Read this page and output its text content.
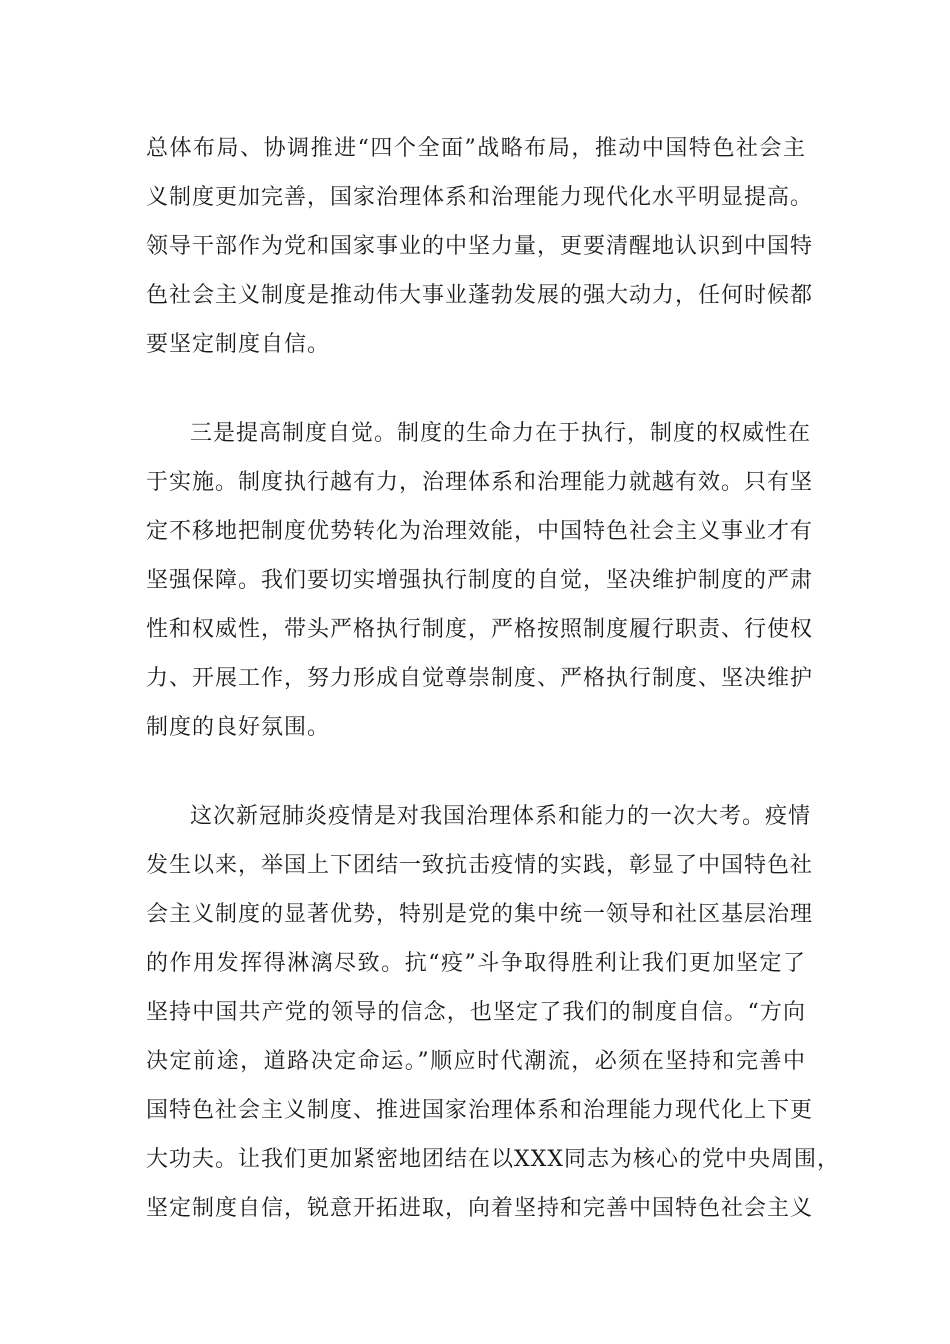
总体布局、协调推进“四个全面”战略布局，推动中国特色社会主
义制度更加完善，国家治理体系和治理能力现代化水平明显提高。
领导干部作为党和国家事业的中坚力量，更要清醒地认识到中国特
色社会主义制度是推动伟大事业蓬勃发展的强大动力，任何时候都
要坚定制度自信。
三是提高制度自觉。制度的生命力在于执行，制度的权威性在
于实施。制度执行越有力，治理体系和治理能力就越有效。只有坚
定不移地把制度优势转化为治理效能，中国特色社会主义事业才有
坚强保障。我们要切实增强执行制度的自觉，坚决维护制度的严肃
性和权威性，带头严格执行制度，严格按照制度履行职责、行使权
力、开展工作，努力形成自觉尊崇制度、严格执行制度、坚决维护
制度的良好氛围。
这次新冠肺炎疫情是对我国治理体系和能力的一次大考。疫情
发生以来，举国上下团结一致抗击疫情的实践，彰显了中国特色社
会主义制度的显著优势，特别是党的集中统一领导和社区基层治理
的作用发挥得淋漓尽致。抗“疫”斗争取得胜利让我们更加坚定了
坚持中国共产党的领导的信念，也坚定了我们的制度自信。“方向
决定前途，道路决定命运。”顺应时代潮流，必须在坚持和完善中
国特色社会主义制度、推进国家治理体系和治理能力现代化上下更
大功夫。让我们更加紧密地团结在以XXX同志为核心的党中央周围，
坚定制度自信，锐意开拓进取，向着坚持和完善中国特色社会主义
